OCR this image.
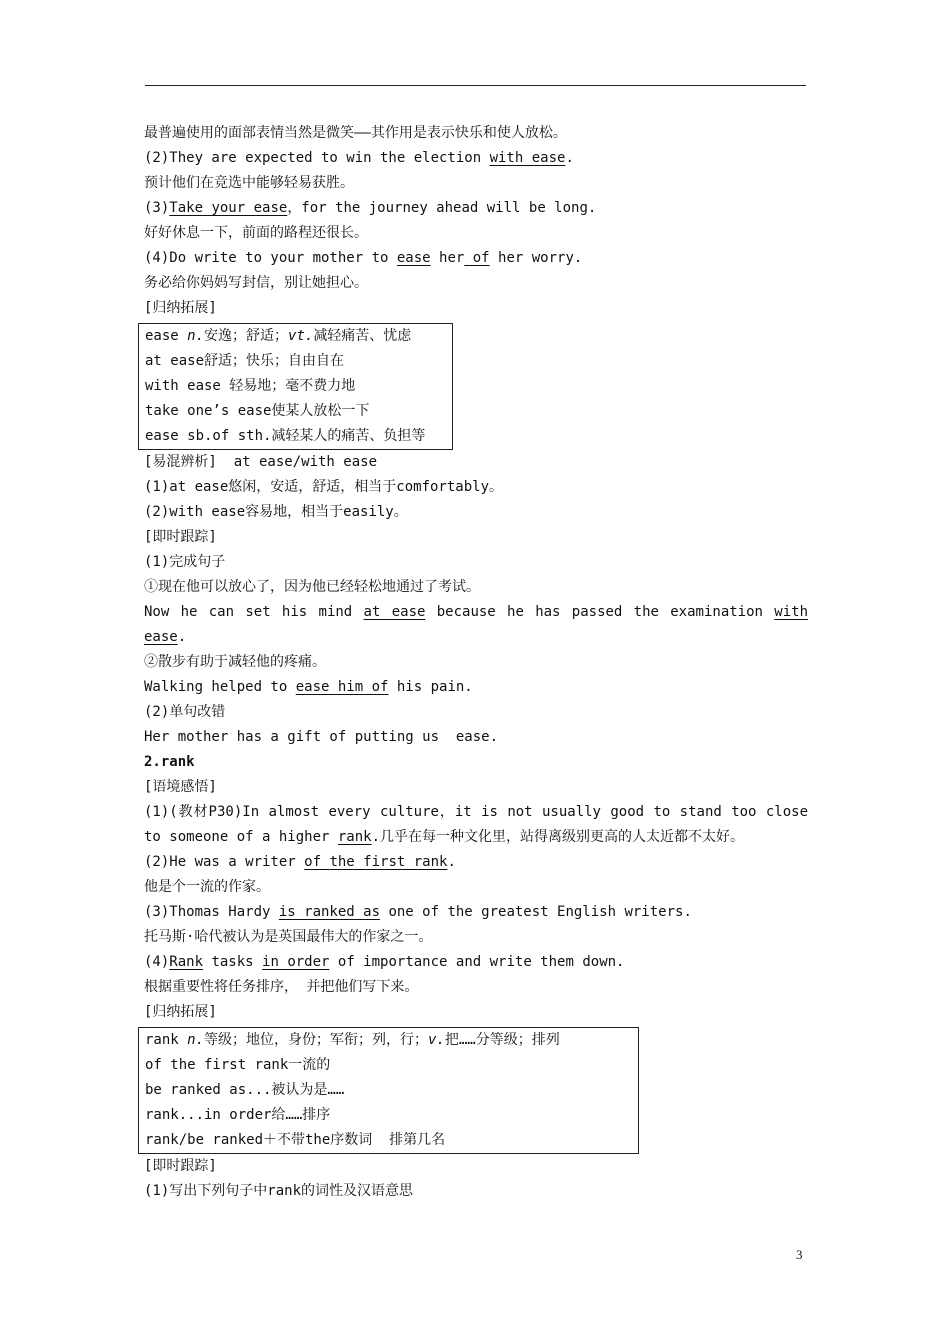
最普遍使用的面部表情当然是微笑——其作用是表示快乐和使人放松。
(2)They are expected to win the election with ease.
预计他们在竞选中能够轻易获胜。
(3)Take your ease，for the journey ahead will be long.
好好休息一下，前面的路程还很长。
(4)Do write to your mother to ease her of her worry.
务必给你妈妈写封信，别让她担心。
[归纳拓展]
ease n.安逸；舒适；vt.减轻痛苦、忧虑
at ease舒适；快乐；自由自在
with ease 轻易地；毫不费力地
take one’s ease使某人放松一下
ease sb.of sth.减轻某人的痛苦、负担等
[易混辨析]  at ease/with ease
(1)at ease悠闲，安适，舒适，相当于comfortably。
(2)with ease容易地，相当于easily。
[即时跟踪]
(1)完成句子
①现在他可以放心了，因为他已经轻松地通过了考试。
Now he can set his mind at ease because he has passed the examination with
ease.
②散步有助于减轻他的疼痛。
Walking helped to ease him of his pain.
(2)单句改错
Her mother has a gift of putting us  ease.
2.rank
[语境感悟]
(1)(教材P30)In almost every culture，it is not usually good to stand too close
to someone of a higher rank.几乎在每一种文化里，站得离级别更高的人太近都不太好。
(2)He was a writer of the first rank.
他是个一流的作家。
(3)Thomas Hardy is ranked as one of the greatest English writers.
托马斯·哈代被认为是英国最伟大的作家之一。
(4)Rank tasks in order of importance and write them down.
根据重要性将任务排序， 并把他们写下来。
[归纳拓展]
rank n.等级；地位，身份；军衔；列，行；v.把……分等级；排列
of the first rank一流的
be ranked as...被认为是……
rank...in order给……排序
rank/be ranked＋不带the序数词  排第几名
[即时跟踪]
(1)写出下列句子中rank的词性及汉语意思
3
